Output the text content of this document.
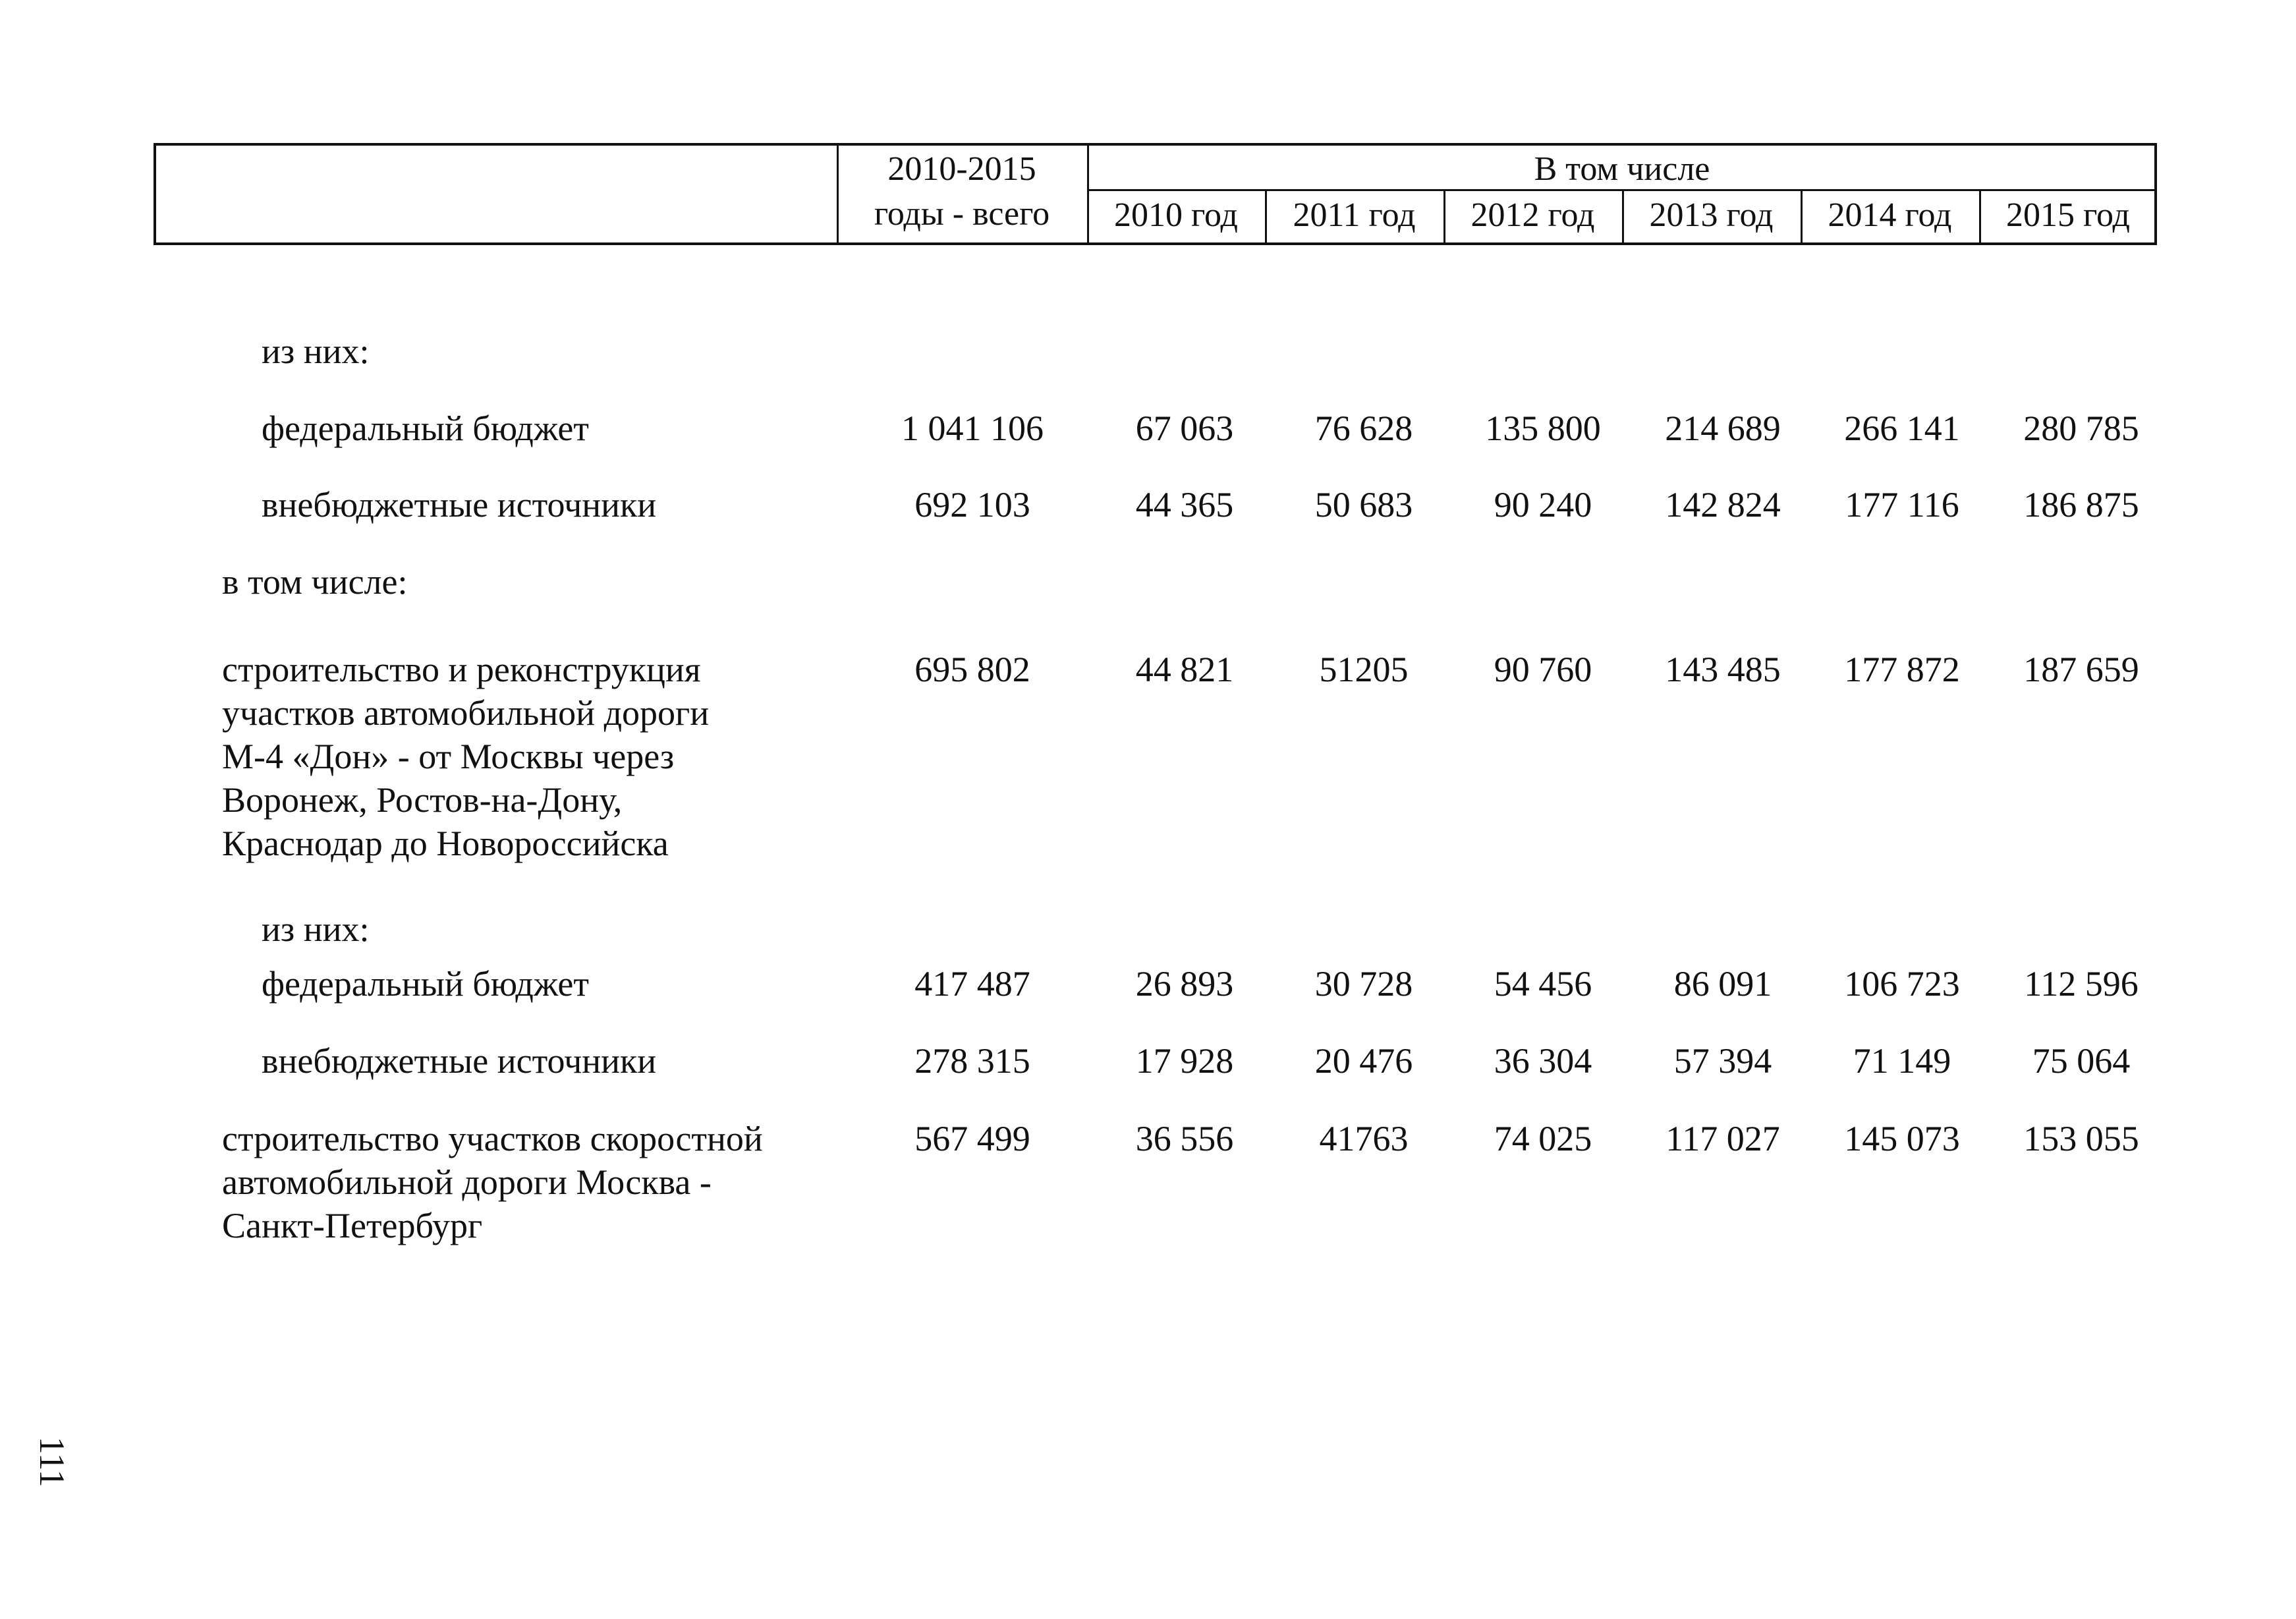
2010-2015
годы - всего
В том числе
2010 год	2011 год	2012 год	2013 год	2014 год	2015 год
из них:
федеральный бюджет	1 041 106	67 063	76 628	135 800	214 689	266 141	280 785
внебюджетные источники	692 103	44 365	50 683	90 240	142 824	177 116	186 875
в том числе:
строительство и реконструкция
участков автомобильной дороги
М-4 «Дон» - от Москвы через
Воронеж, Ростов-на-Дону,
Краснодар до Новороссийска
695 802	44 821	51205	90 760	143 485	177 872	187 659
из них:
федеральный бюджет	417 487	26 893	30 728	54 456	86 091	106 723	112 596
внебюджетные источники	278 315	17 928	20 476	36 304	57 394	71 149	75 064
строительство участков скоростной
автомобильной дороги Москва -
Санкт-Петербург
567 499	36 556	41763	74 025	117 027	145 073	153 055
111
